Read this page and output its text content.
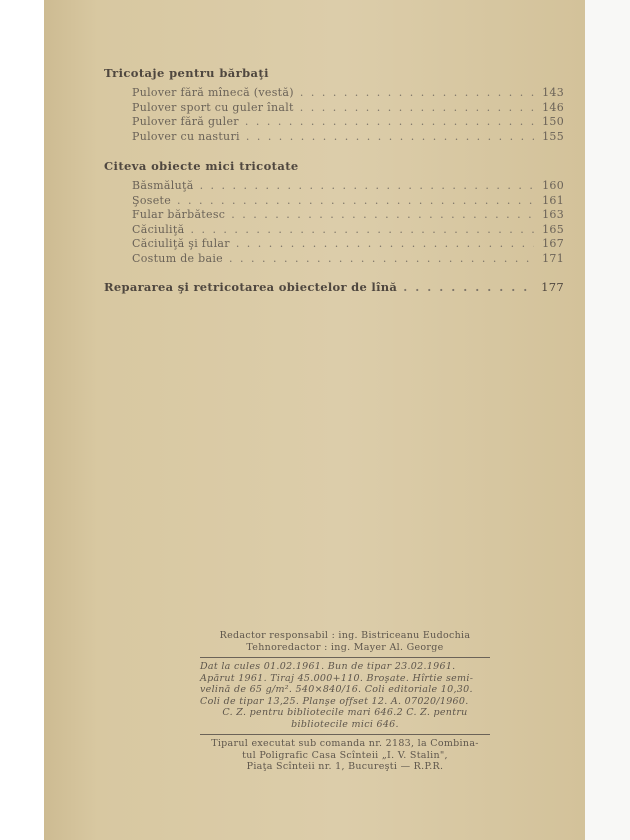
Tricotaje pentru bărbaţi

Pulover fără mînecă (vestă) . . .	143
Pulover sport cu guler înalt . . .	146
Pulover fără guler . . .	150
Pulover cu nasturi . . .	155

Citeva obiecte mici tricotate

Băsmăluţă . . .	160
Şosete . . .	161
Fular bărbătesc . . .	163
Căciuliţă . . .	165
Căciuliţă şi fular . . .	167
Costum de baie . . .	171
Repararea şi retricotarea obiectelor de lînă . . .	177
Redactor responsabil : ing. Bistriceanu Eudochia
Tehnoredactor : ing. Mayer Al. George
Dat la cules 01.02.1961. Bun de tipar 23.02.1961.
Apărut 1961. Tiraj 45.000+110. Broşate. Hîrtie semi-
velină de 65 g/m². 540×840/16. Coli editoriale 10,30.
Coli de tipar 13,25. Planşe offset 12. A. 07020/1960.
C. Z. pentru bibliotecile mari 646.2 C. Z. pentru
bibliotecile mici 646.
Tiparul executat sub comanda nr. 2183, la Combina-
tul Poligrafic Casa Scînteii „I. V. Stalin",
Piaţa Scînteii nr. 1, Bucureşti — R.P.R.
